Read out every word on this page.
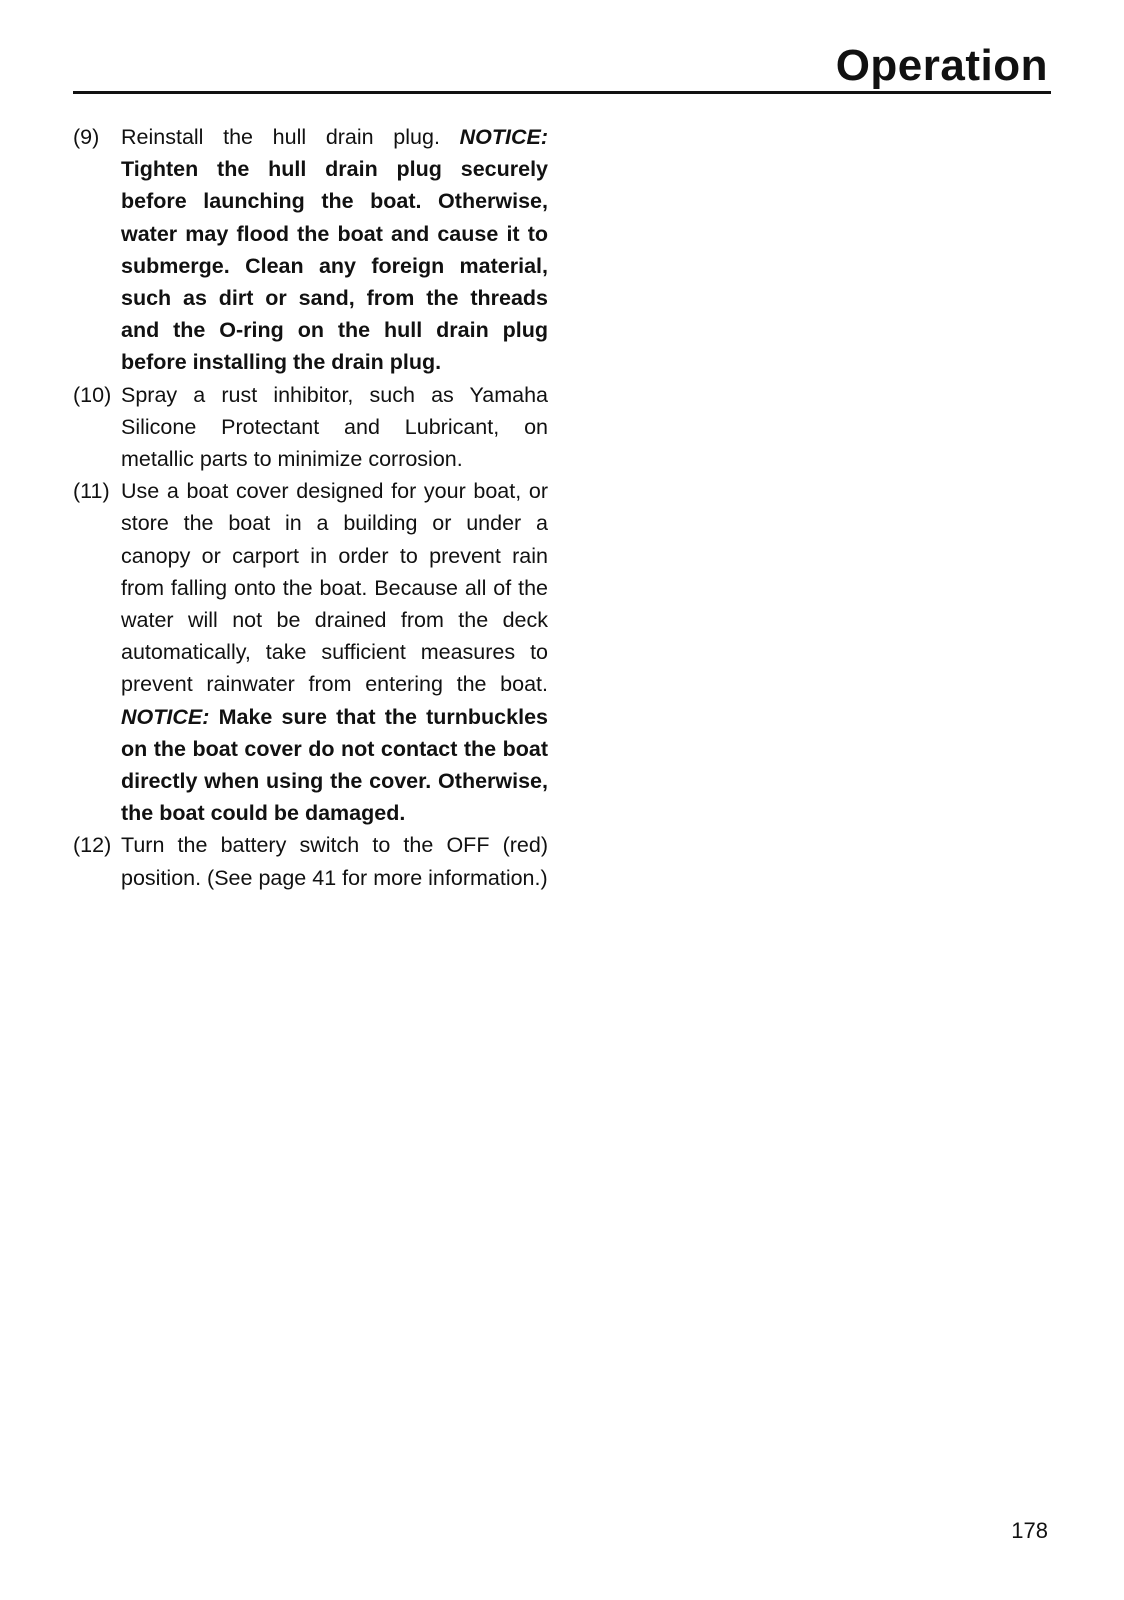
Operation
(9) Reinstall the hull drain plug. NOTICE: Tighten the hull drain plug securely before launching the boat. Otherwise, water may flood the boat and cause it to submerge. Clean any foreign material, such as dirt or sand, from the threads and the O-ring on the hull drain plug before installing the drain plug.
(10) Spray a rust inhibitor, such as Yamaha Silicone Protectant and Lubricant, on metallic parts to minimize corrosion.
(11) Use a boat cover designed for your boat, or store the boat in a building or under a canopy or carport in order to prevent rain from falling onto the boat. Because all of the water will not be drained from the deck automatically, take sufficient measures to prevent rainwater from entering the boat. NOTICE: Make sure that the turnbuckles on the boat cover do not contact the boat directly when using the cover. Otherwise, the boat could be damaged.
(12) Turn the battery switch to the OFF (red) position. (See page 41 for more information.)
178
